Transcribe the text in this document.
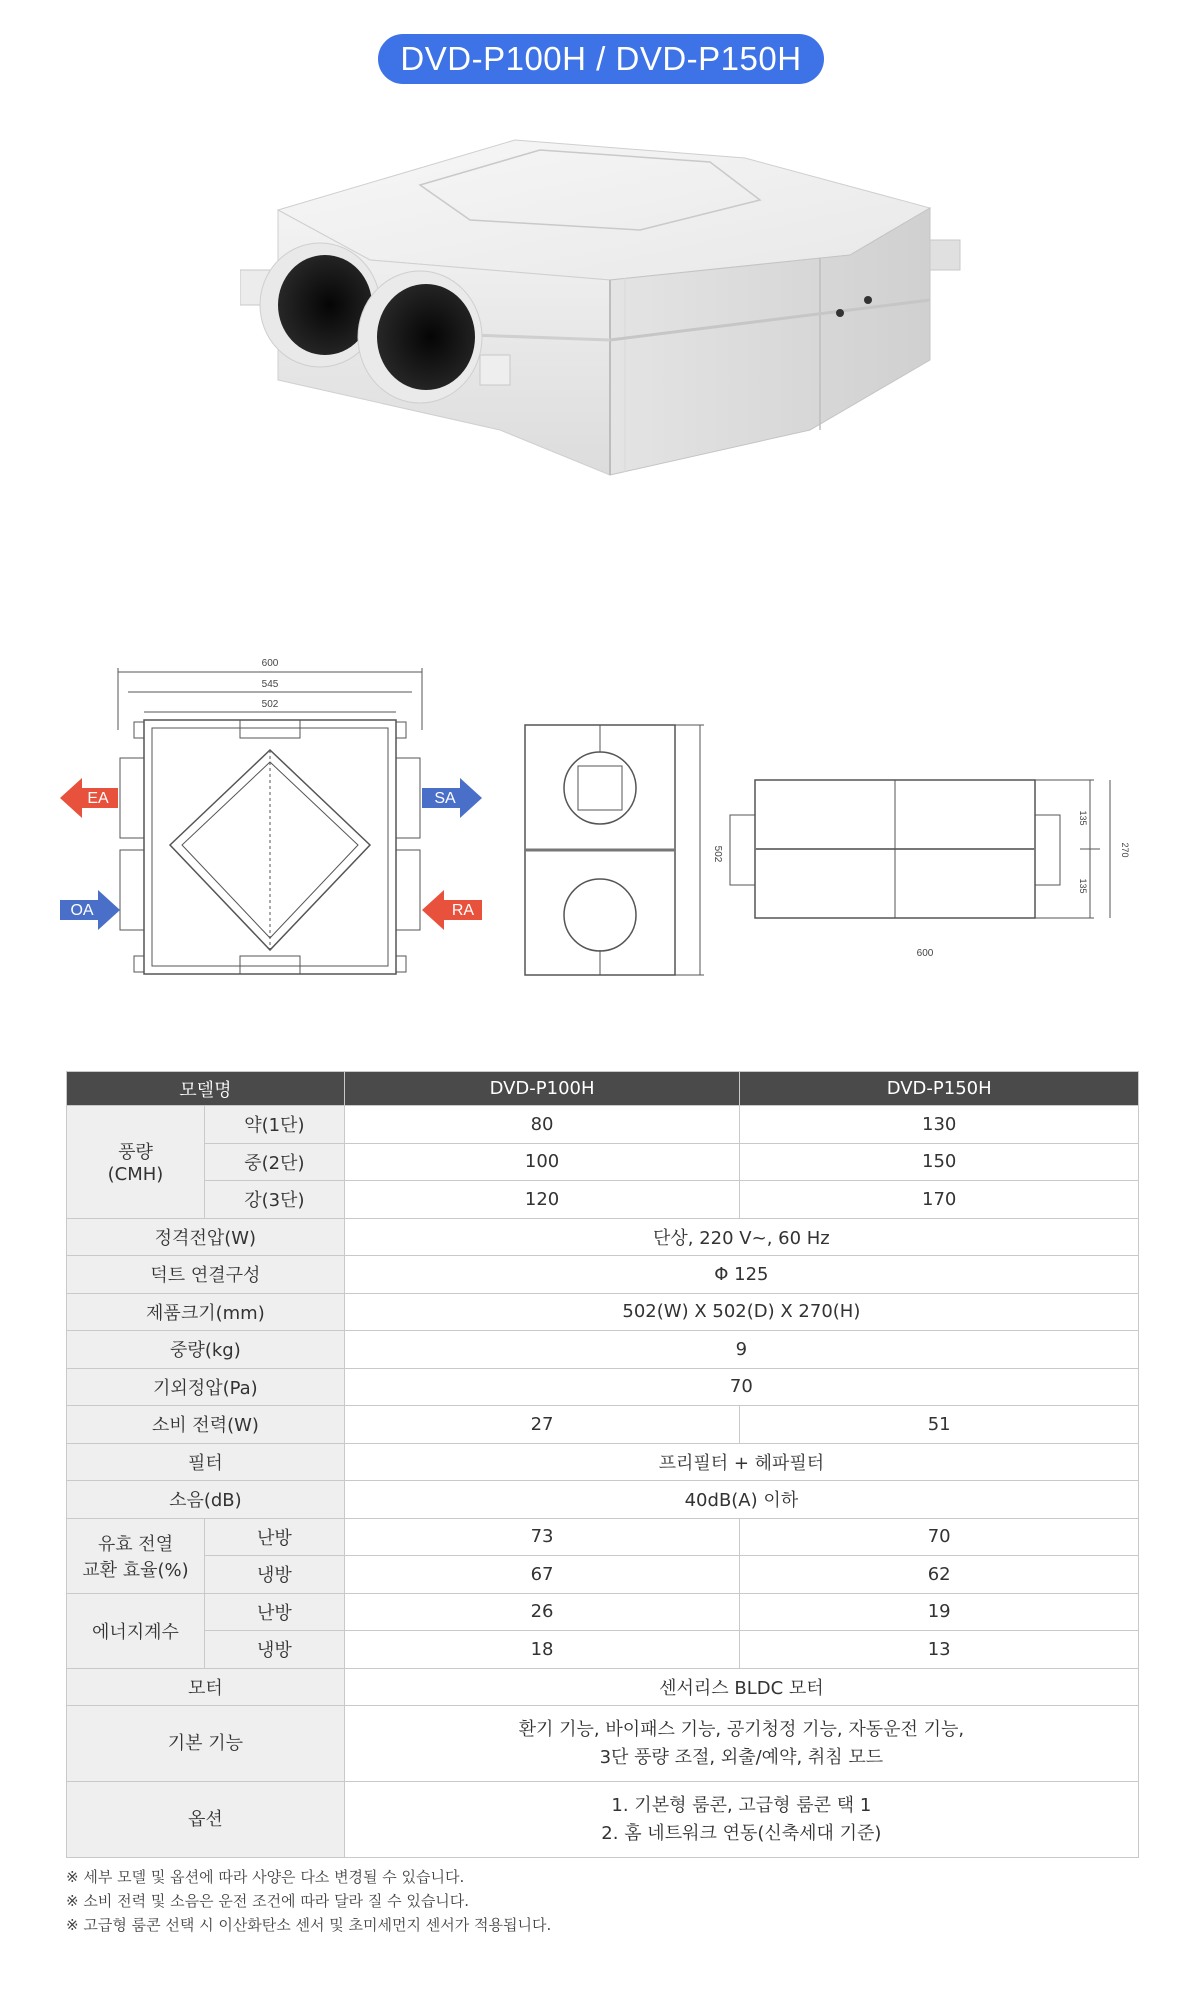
DVD-P100H / DVD-P150H
600
545
502
EA
OA
SA
RA
502
135
135
270
600
모델명		DVD-P100H	DVD-P150H
풍량
(CMH)	약(1단)	80	130
	중(2단)	100	150
	강(3단)	120	170
정격전압(W)		단상, 220 V~, 60 Hz	
덕트 연결구성		Φ 125	
제품크기(mm)		502(W) X 502(D) X 270(H)	
중량(kg)		9	
기외정압(Pa)		70	
소비 전력(W)		27	51
필터		프리필터 + 헤파필터	
소음(dB)		40dB(A) 이하	
유효 전열
교환 효율(%)	난방	73	70
	냉방	67	62
에너지계수	난방	26	19
	냉방	18	13
모터		센서리스 BLDC 모터	
기본 기능		환기 기능, 바이패스 기능, 공기청정 기능, 자동운전 기능,
3단 풍량 조절, 외출/예약, 취침 모드	
옵션		1. 기본형 룸콘, 고급형 룸콘 택 1
2. 홈 네트워크 연동(신축세대 기준)	
※ 세부 모델 및 옵션에 따라 사양은 다소 변경될 수 있습니다.
※ 소비 전력 및 소음은 운전 조건에 따라 달라 질 수 있습니다.
※ 고급형 룸콘 선택 시 이산화탄소 센서 및 초미세먼지 센서가 적용됩니다.
